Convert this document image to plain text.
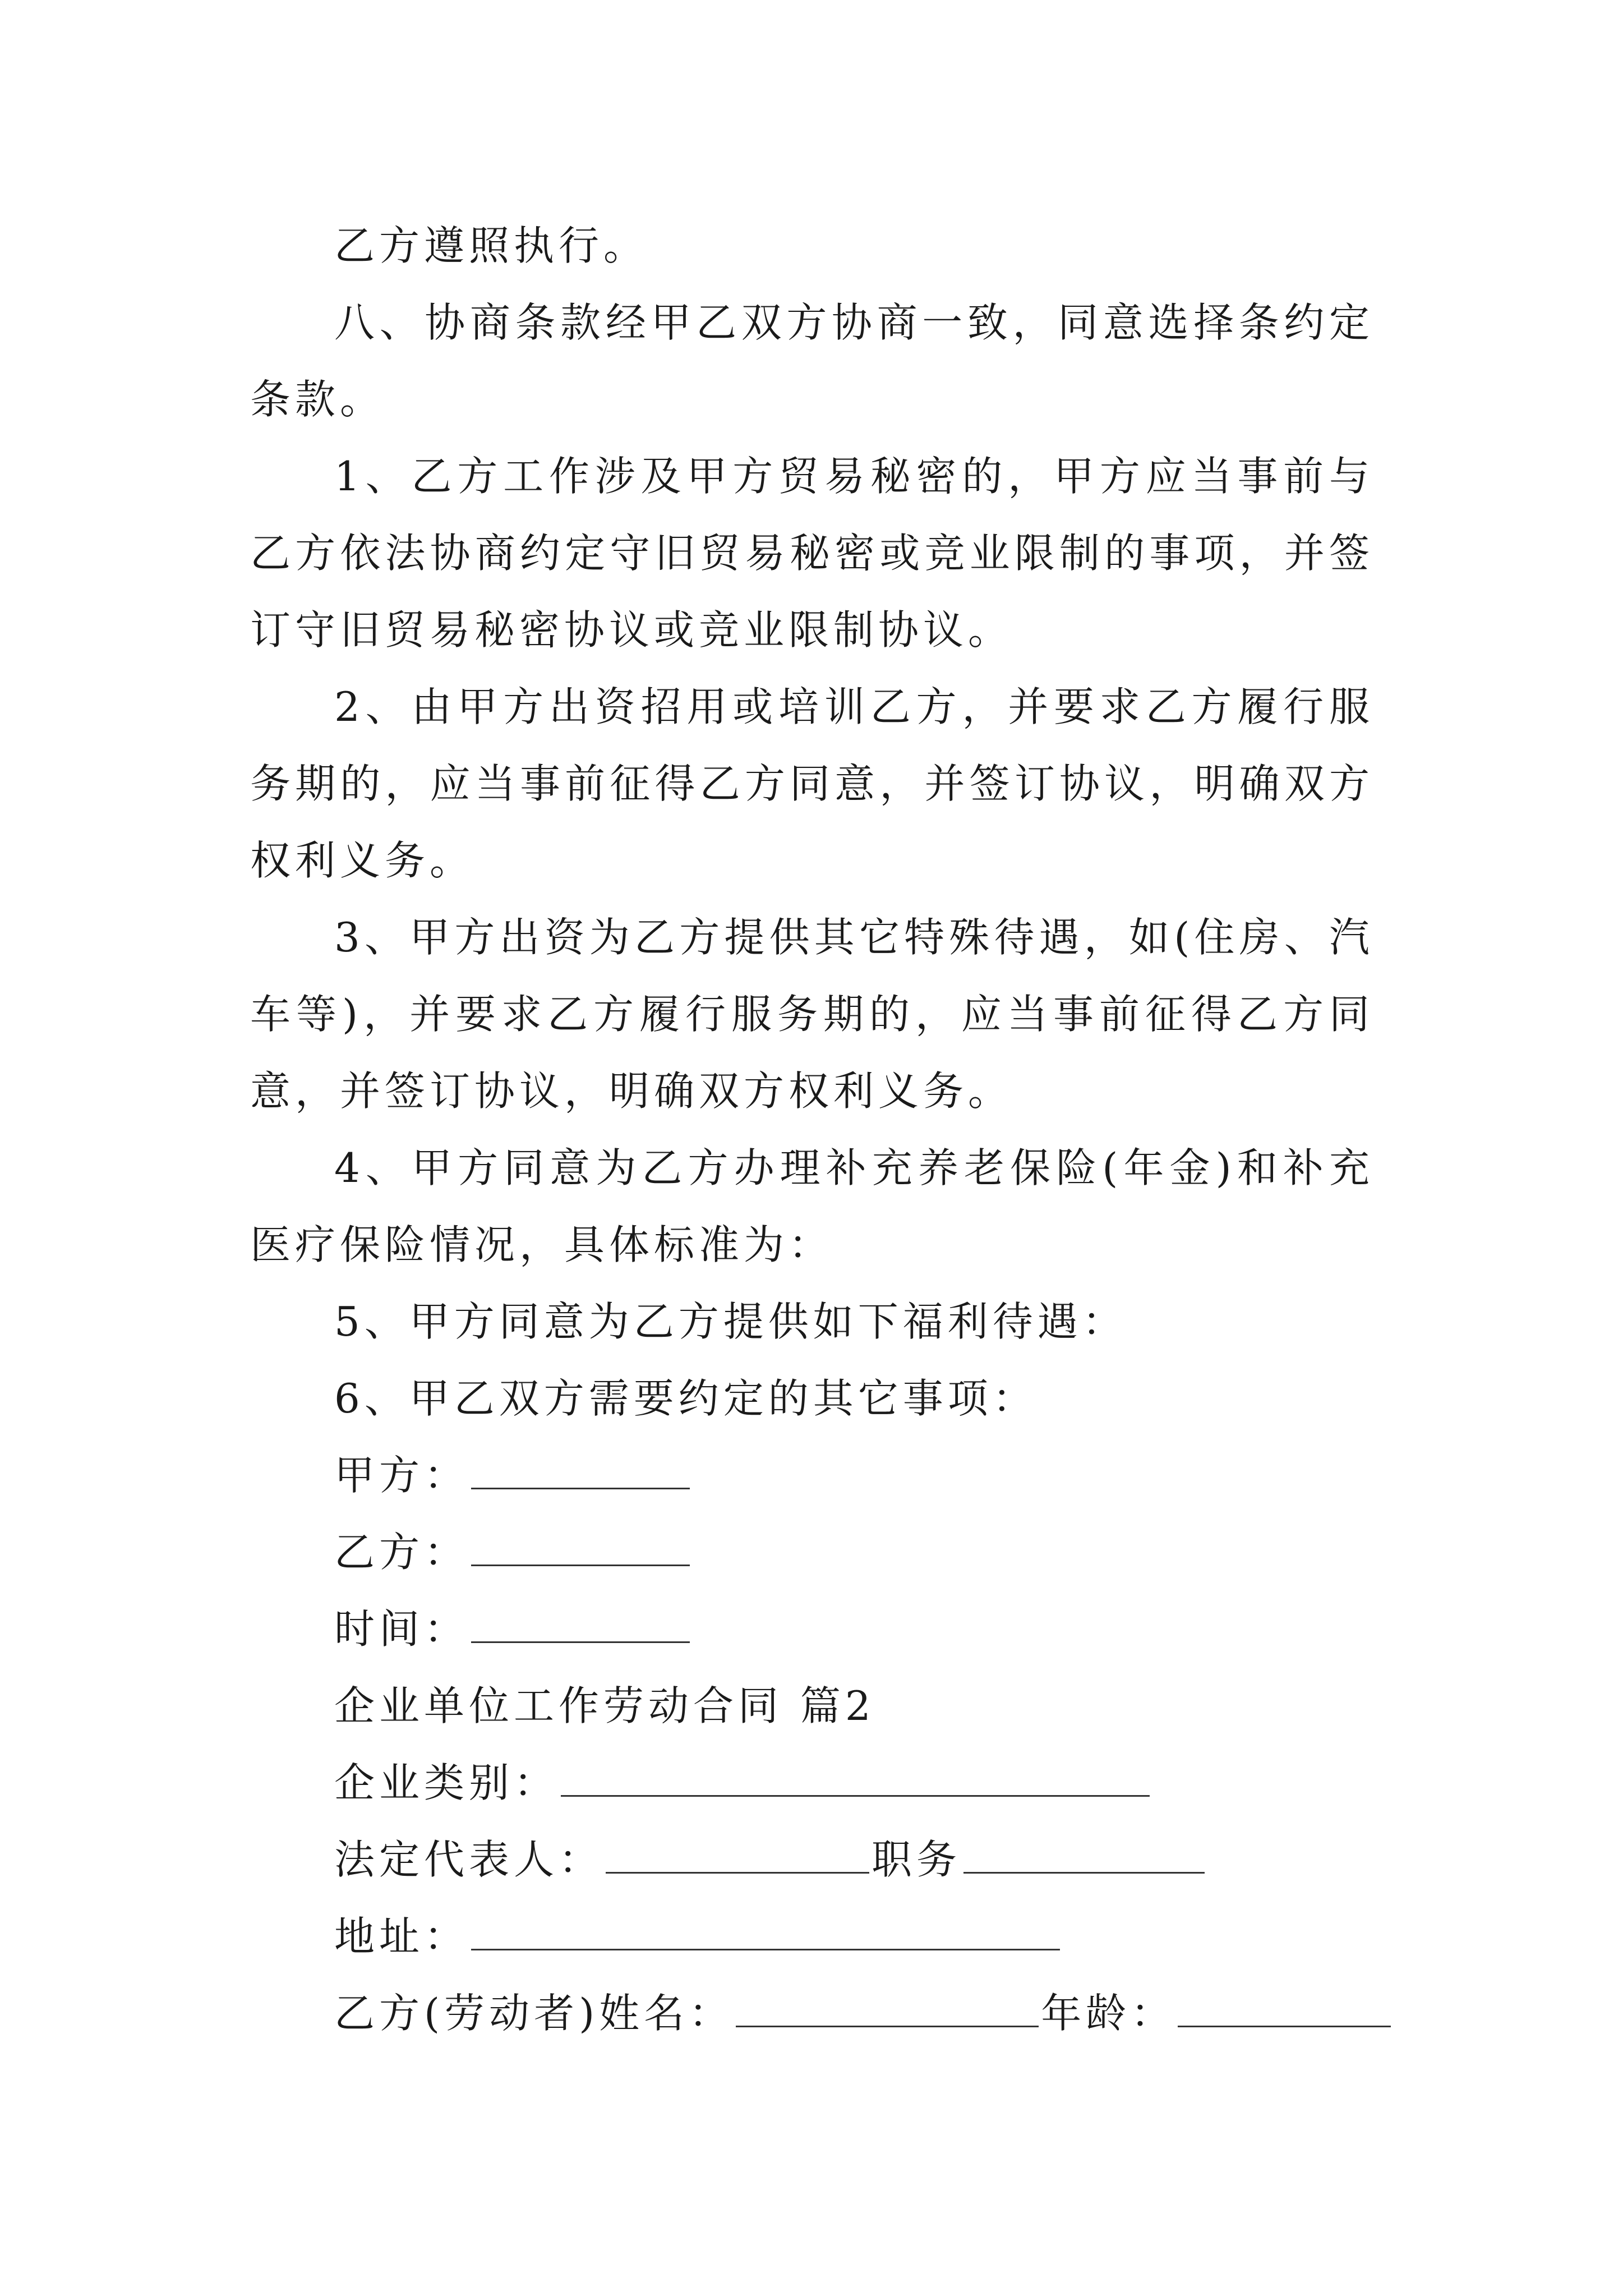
乙方遵照执行。

八、协商条款经甲乙双方协商一致，同意选择条约定条款。

1、乙方工作涉及甲方贸易秘密的，甲方应当事前与乙方依法协商约定守旧贸易秘密或竞业限制的事项，并签订守旧贸易秘密协议或竞业限制协议。

2、由甲方出资招用或培训乙方，并要求乙方履行服务期的，应当事前征得乙方同意，并签订协议，明确双方权利义务。

3、甲方出资为乙方提供其它特殊待遇，如(住房、汽车等)，并要求乙方履行服务期的，应当事前征得乙方同意，并签订协议，明确双方权利义务。

4、甲方同意为乙方办理补充养老保险(年金)和补充医疗保险情况，具体标准为：

5、甲方同意为乙方提供如下福利待遇：

6、甲乙双方需要约定的其它事项：

甲方：
乙方：
时间：
企业单位工作劳动合同 篇2
企业类别：
法定代表人：	职务
地址：
乙方(劳动者)姓名：	年龄：
